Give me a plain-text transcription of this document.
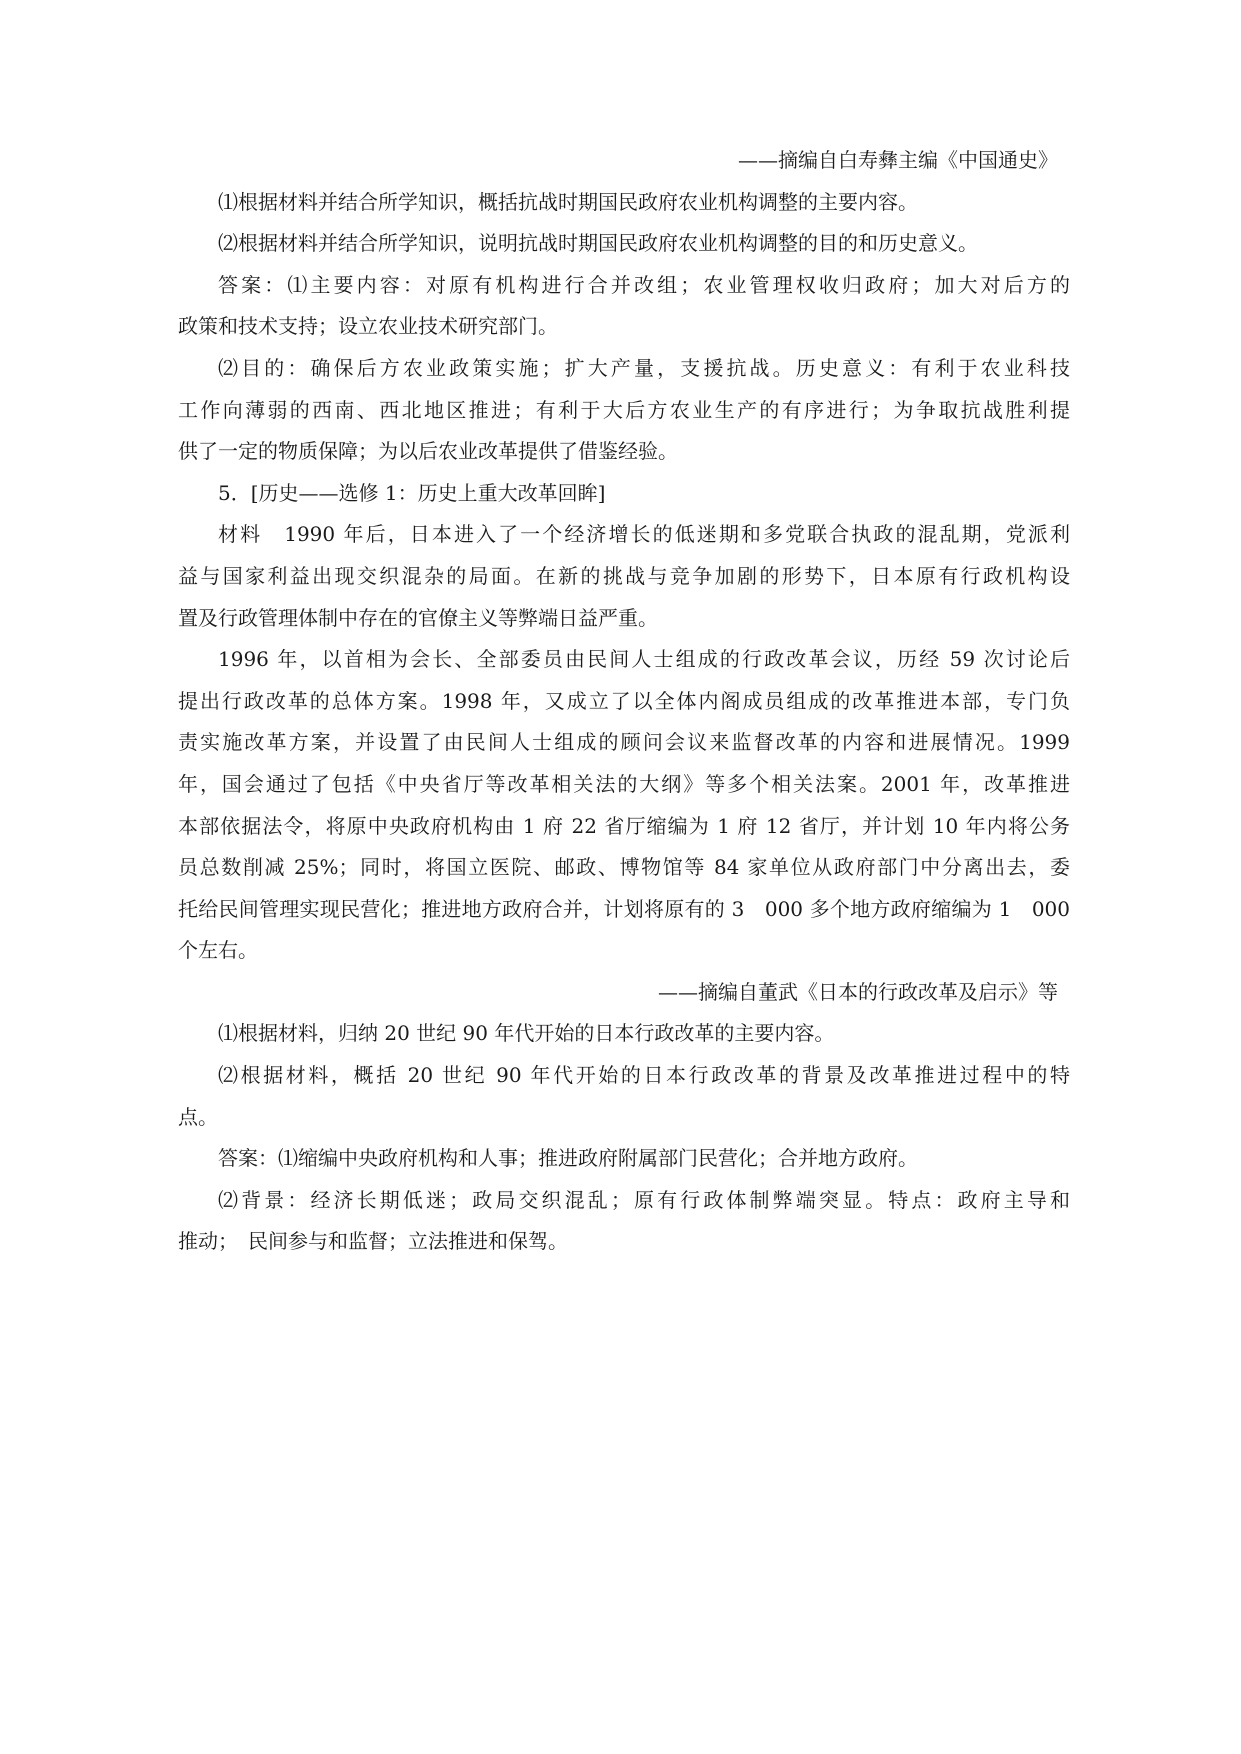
——摘编自白寿彝主编《中国通史》

⑴根据材料并结合所学知识，概括抗战时期国民政府农业机构调整的主要内容。

⑵根据材料并结合所学知识，说明抗战时期国民政府农业机构调整的目的和历史意义。

答案：⑴主要内容：对原有机构进行合并改组；农业管理权收归政府；加大对后方的

政策和技术支持；设立农业技术研究部门。

⑵目的：确保后方农业政策实施；扩大产量，支援抗战。历史意义：有利于农业科技

工作向薄弱的西南、西北地区推进；有利于大后方农业生产的有序进行；为争取抗战胜利提

供了一定的物质保障；为以后农业改革提供了借鉴经验。

5．[历史——选修 1：历史上重大改革回眸]

材料　1990 年后，日本进入了一个经济增长的低迷期和多党联合执政的混乱期，党派利

益与国家利益出现交织混杂的局面。在新的挑战与竞争加剧的形势下，日本原有行政机构设

置及行政管理体制中存在的官僚主义等弊端日益严重。

1996 年，以首相为会长、全部委员由民间人士组成的行政改革会议，历经 59 次讨论后

提出行政改革的总体方案。1998 年，又成立了以全体内阁成员组成的改革推进本部，专门负

责实施改革方案，并设置了由民间人士组成的顾问会议来监督改革的内容和进展情况。1999

年，国会通过了包括《中央省厅等改革相关法的大纲》等多个相关法案。2001 年，改革推进

本部依据法令，将原中央政府机构由 1 府 22 省厅缩编为 1 府 12 省厅，并计划 10 年内将公务

员总数削减 25%；同时，将国立医院、邮政、博物馆等 84 家单位从政府部门中分离出去，委

托给民间管理实现民营化；推进地方政府合并，计划将原有的 3　000 多个地方政府缩编为 1　000

个左右。

——摘编自董武《日本的行政改革及启示》等

⑴根据材料，归纳 20 世纪 90 年代开始的日本行政改革的主要内容。

⑵根据材料，概括 20 世纪 90 年代开始的日本行政改革的背景及改革推进过程中的特

点。

答案：⑴缩编中央政府机构和人事；推进政府附属部门民营化；合并地方政府。

⑵背景：经济长期低迷；政局交织混乱；原有行政体制弊端突显。特点：政府主导和

推动；　民间参与和监督；立法推进和保驾。
